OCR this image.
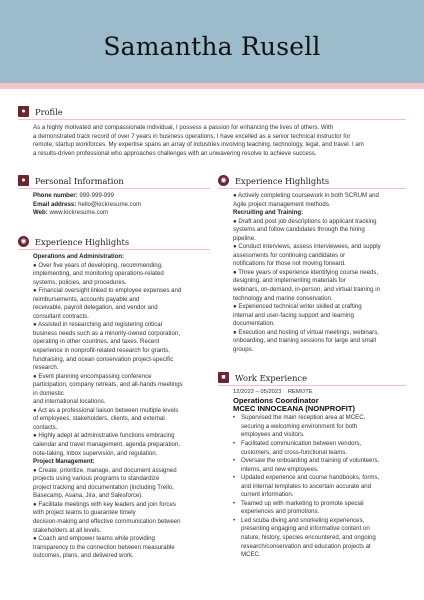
Samantha Rusell
●	Profile
As a highly motivated and compassionate individual, I possess a passion for enhancing the lives of others. With
a demonstrated track record of over 7 years in business operations, I have excelled as a senior technical instructor for
remote, startup workforces. My expertise spans an array of industries involving teaching, technology, legal, and travel. I am
a results-driven professional who approaches challenges with an unwavering resolve to achieve success.
●	Personal Information

Phone number: 999-999-999

Email address: hello@kickresume.com

Web: www.kickresume.com

◉ Experience Highlights
Operations and Administration:
● Over five years of developing, recommending,
implementing, and monitoring operations-related
systems, policies, and procedures.
● Financial oversight linked to employee expenses and
reimbursements, accounts payable and
receivable, payroll delegation, and vendor and
consultant contracts.
● Assisted in researching and registering critical
business needs such as a minority-owned corporation,
operating in other countries, and taxes. Recent
experience in nonprofit-related research for grants,
fundraising, and ocean conservation project-specific
research.
● Event planning encompassing conference
participation, company retreats, and all-hands meetings
in domestic
and international locations.
● Act as a professional liaison between multiple levels
of employees, stakeholders, clients, and external
contacts.
● Highly adept at administrative functions embracing
calendar and travel management, agenda preparation,
note-taking, inbox supervision, and regulation.
Project Management:
● Create, prioritize, manage, and document assigned
projects using various programs to standardize
project tracking and documentation (including Trello,
Basecamp, Asana, Jira, and Salesforce).
● Facilitate meetings with key leaders and join forces
with project teams to guarantee timely
decision-making and effective communication between
stakeholders at all levels.
● Coach and empower teams while providing
transparency to the connection between measurable
outcomes, plans, and delivered work.
◉ Experience Highlights
● Actively completing coursework in both SCRUM and
Agile project management methods.
Recruiting and Training:
● Draft and post job descriptions to applicant tracking
systems and follow candidates through the hiring
pipeline.
● Conduct interviews, assess interviewees, and supply
assessments for continuing candidates or
notifications for those not moving forward.
● Three years of experience identifying course needs,
designing, and implementing materials for
webinars, on-demand, in-person, and virtual training in
technology and marine conservation.
● Experienced technical writer skilled at crafting
internal and user-facing support and learning
documentation.
● Execution and hosting of virtual meetings, webinars,
onboarding, and training sessions for large and small
groups.
■	Work Experience

12/2022 – 05/2023 REMOTE

Operations Coordinator

MCEC INNOCEANA (NONPROFIT)

• Supervised the main reception area at MCEC,
securing a welcoming environment for both
employees and visitors.
• Facilitated communication between vendors,
customers, and cross-functional teams.
• Oversaw the onboarding and training of volunteers,
interns, and new employees.
• Updated experience and course handbooks, forms,
and internal templates to ascertain accurate and
current information.
• Teamed up with marketing to promote special
experiences and promotions.
• Led scuba diving and snorkeling experiences,
presenting engaging and informative content on
nature, history, species encountered, and ongoing
research/conservation and education projects at
MCEC.
